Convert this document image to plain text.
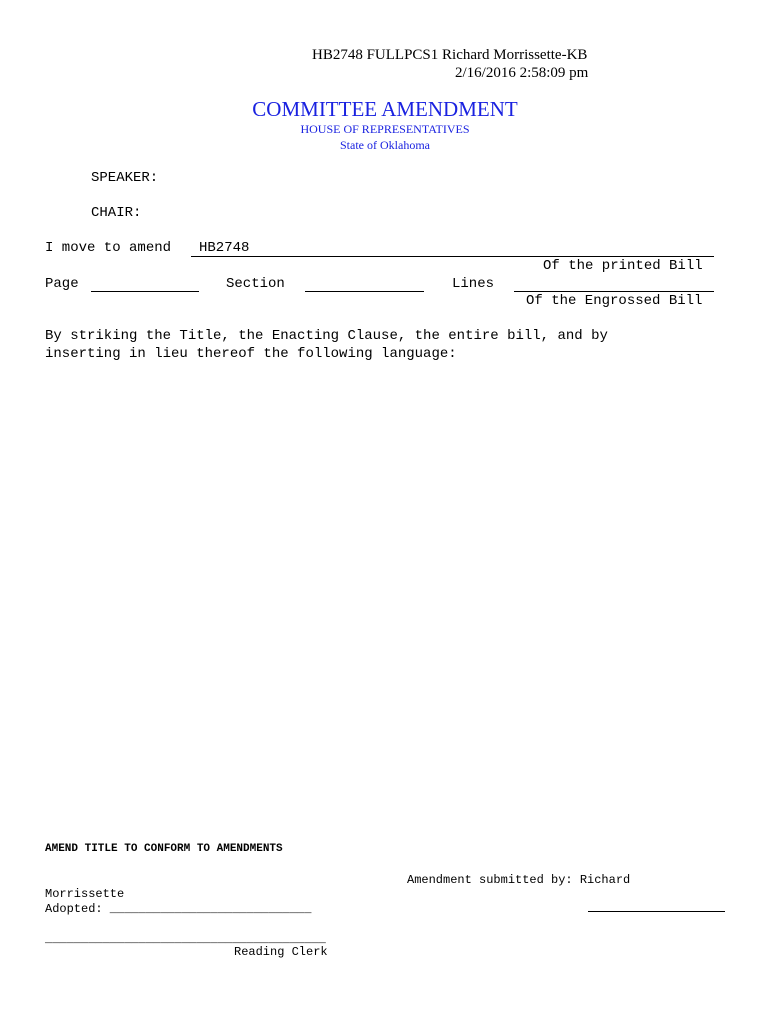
HB2748 FULLPCS1 Richard Morrissette-KB
2/16/2016 2:58:09 pm
COMMITTEE AMENDMENT
HOUSE OF REPRESENTATIVES
State of Oklahoma
SPEAKER:
CHAIR:
I move to amend HB2748
Of the printed Bill
Page	Section	Lines
Of the Engrossed Bill
By striking the Title, the Enacting Clause, the entire bill, and by
inserting in lieu thereof the following language:
AMEND TITLE TO CONFORM TO AMENDMENTS
Amendment submitted by: Richard
Morrissette
Adopted: ____________________________
_______________________________________
Reading Clerk
